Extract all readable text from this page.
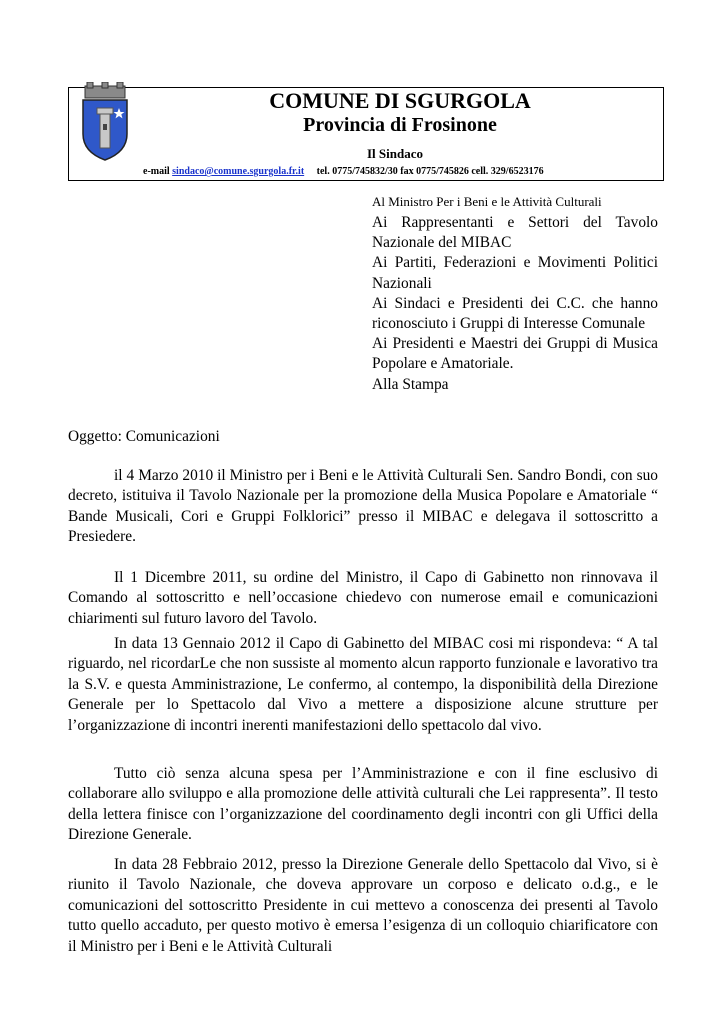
COMUNE DI SGURGOLA
Provincia di Frosinone
Il Sindaco
e-mail sindaco@comune.sgurgola.fr.it tel. 0775/745832/30 fax 0775/745826 cell. 329/6523176
Al Ministro Per i Beni e le Attività Culturali
Ai Rappresentanti e Settori del Tavolo Nazionale del MIBAC
Ai Partiti, Federazioni e Movimenti Politici Nazionali
Ai Sindaci e Presidenti dei C.C. che hanno riconosciuto i Gruppi di Interesse Comunale
Ai Presidenti e Maestri dei Gruppi di Musica Popolare e Amatoriale.
Alla Stampa
Oggetto: Comunicazioni

il 4 Marzo 2010 il Ministro per i Beni e le Attività Culturali Sen. Sandro Bondi, con suo decreto, istituiva il Tavolo Nazionale per la promozione della Musica Popolare e Amatoriale “ Bande Musicali, Cori e Gruppi Folklorici” presso il MIBAC e delegava il sottoscritto a Presiedere.

Il 1 Dicembre 2011, su ordine del Ministro, il Capo di Gabinetto non rinnovava il Comando al sottoscritto e nell’occasione chiedevo con numerose email e comunicazioni chiarimenti sul futuro lavoro del Tavolo.

In data 13 Gennaio 2012 il Capo di Gabinetto del MIBAC cosi mi rispondeva: “ A tal riguardo, nel ricordarLe che non sussiste al momento alcun rapporto funzionale e lavorativo tra la S.V. e questa Amministrazione, Le confermo, al contempo, la disponibilità della Direzione Generale per lo Spettacolo dal Vivo a mettere a disposizione alcune strutture per l’organizzazione di incontri inerenti manifestazioni dello spettacolo dal vivo.

Tutto ciò senza alcuna spesa per l’Amministrazione e con il fine esclusivo di collaborare allo sviluppo e alla promozione delle attività culturali che Lei rappresenta”. Il testo della lettera finisce con l’organizzazione del coordinamento degli incontri con gli Uffici della Direzione Generale.

In data 28 Febbraio 2012, presso la Direzione Generale dello Spettacolo dal Vivo, si è riunito il Tavolo Nazionale, che doveva approvare un corposo e delicato o.d.g., e le comunicazioni del sottoscritto Presidente in cui mettevo a conoscenza dei presenti al Tavolo tutto quello accaduto, per questo motivo è emersa l’esigenza di un colloquio chiarificatore con il Ministro per i Beni e le Attività Culturali
